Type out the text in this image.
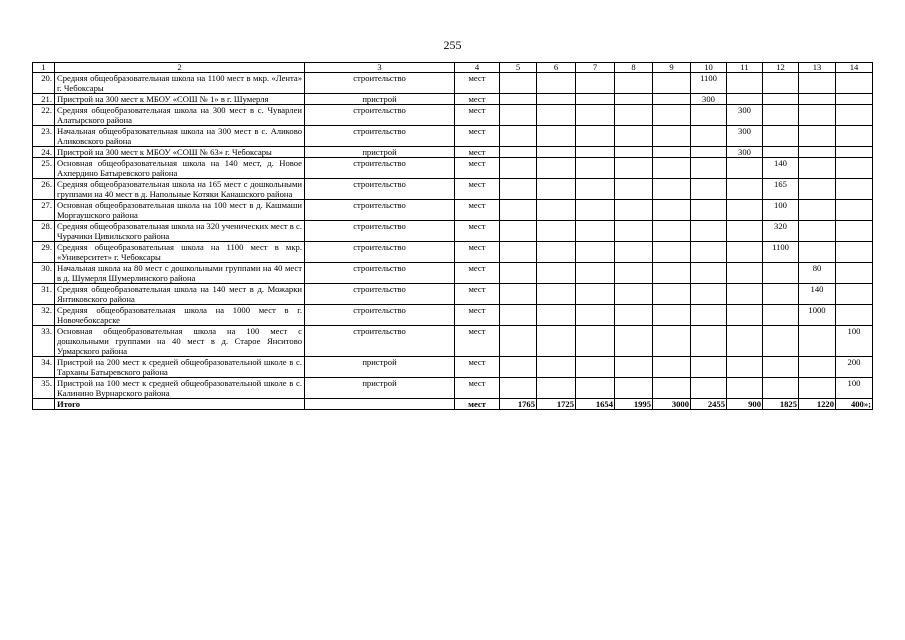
255
1	2	3	4	5	6	7	8	9	10	11	12	13	14
20.	Средняя общеобразовательная школа на 1100 мест в мкр. «Лента» г. Чебоксары	строительство	мест						1100				
21.	Пристрой на 300 мест к МБОУ «СОШ № 1» в г. Шумерля	пристрой	мест						300				
22.	Средняя общеобразовательная школа на 300 мест в с. Чуварлеи Алатырского района	строительство	мест							300			
23.	Начальная общеобразовательная школа на 300 мест в с. Аликово Аликовского района	строительство	мест							300			
24.	Пристрой на 300 мест к МБОУ «СОШ № 63» г. Чебоксары	пристрой	мест							300			
25.	Основная общеобразовательная школа на 140 мест, д. Новое Ахпердино Батыревского района	строительство	мест								140		
26.	Средняя общеобразовательная школа на 165 мест с дошкольными группами на 40 мест в д. Напольные Котяки Канашского района	строительство	мест								165		
27.	Основная общеобразовательная школа на 100 мест в д. Кашмаши Моргаушского района	строительство	мест								100		
28.	Средняя общеобразовательная школа на 320 ученических мест в с. Чурачики Цивильского района	строительство	мест								320		
29.	Средняя общеобразовательная школа на 1100 мест в мкр. «Университет» г. Чебоксары	строительство	мест								1100		
30.	Начальная школа на 80 мест с дошкольными группами на 40 мест в д. Шумерля Шумерлинского района	строительство	мест									80	
31.	Средняя общеобразовательная школа на 140 мест в д. Можарки Янтиковского района	строительство	мест									140	
32.	Средняя общеобразовательная школа на 1000 мест в г. Новочебоксарске	строительство	мест									1000	
33.	Основная общеобразовательная школа на 100 мест с дошкольными группами на 40 мест в д. Старое Янситово Урмарского района	строительство	мест										100
34.	Пристрой на 200 мест к средней общеобразовательной школе в с. Тарханы Батыревского района	пристрой	мест										200
35.	Пристрой на 100 мест к средней общеобразовательной школе в с. Калинино Вурнарского района	пристрой	мест										100
	Итого		мест	1765	1725	1654	1995	3000	2455	900	1825	1220	400»;
